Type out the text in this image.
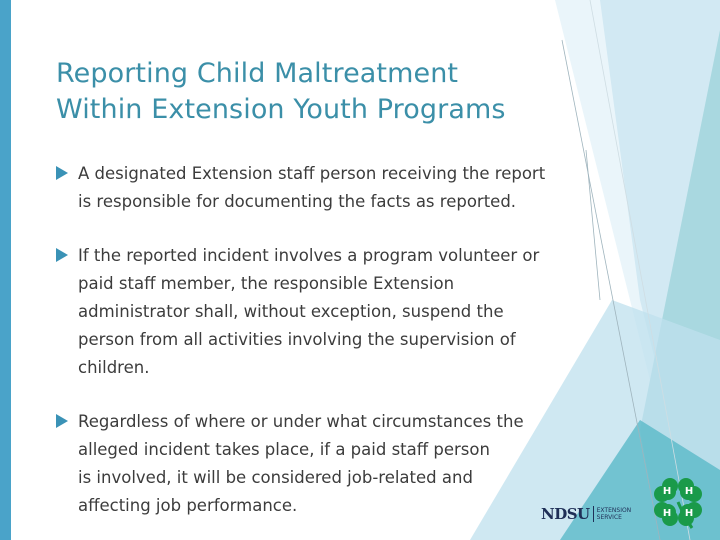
Reporting Child Maltreatment
Within Extension Youth Programs
A designated Extension staff person receiving the report
is responsible for documenting the facts as reported.
If the reported incident involves a program volunteer or
paid staff member, the responsible Extension
administrator shall, without exception, suspend the
person from all activities involving the supervision of
children.
Regardless of where or under what circumstances the
alleged incident takes place, if a paid staff person
is involved, it will be considered job-related and
affecting job performance.	NDSU EXTENSION
SERVICE
H H
H H
